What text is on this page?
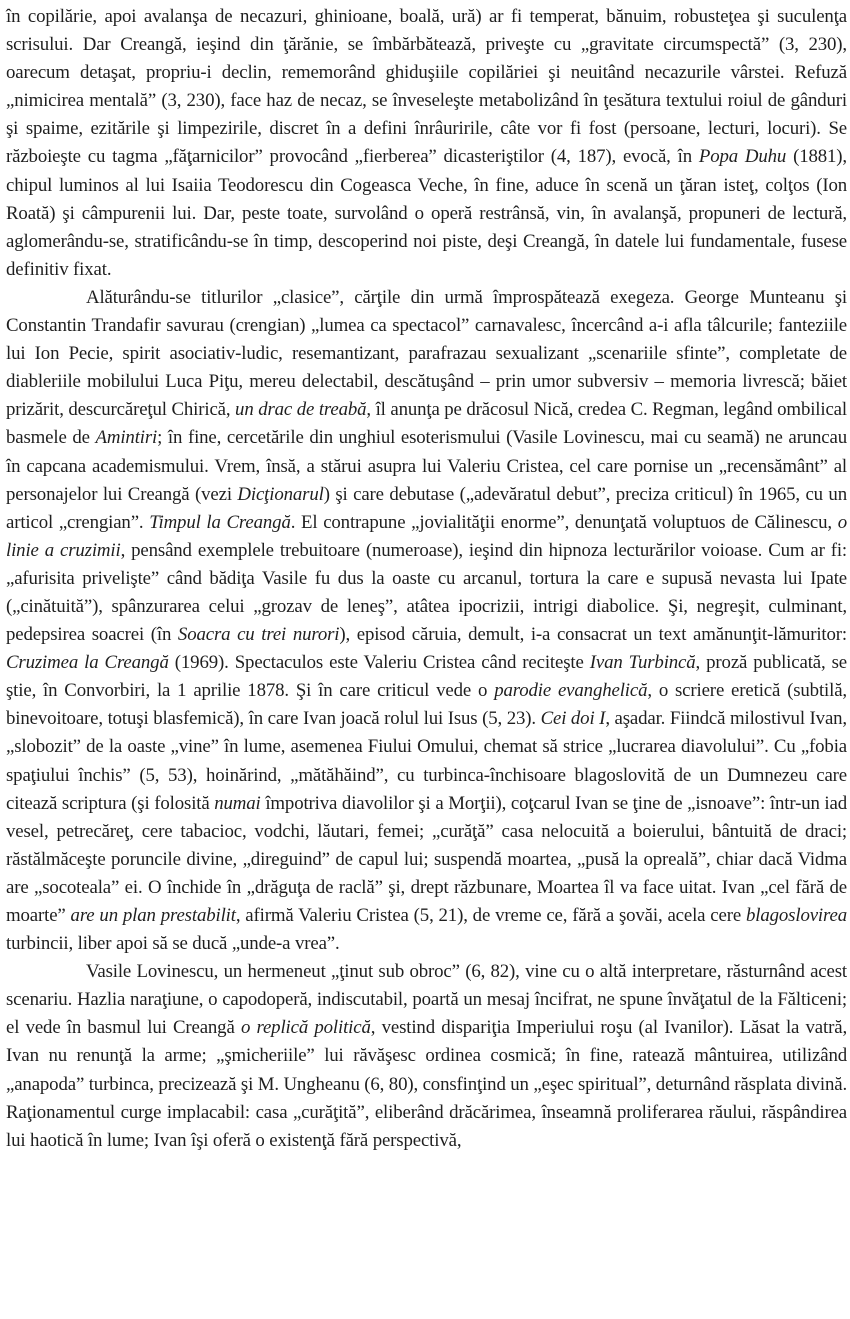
în copilărie, apoi avalanşa de necazuri, ghinioane, boală, ură) ar fi temperat, bănuim, robusteţea şi suculenţa scrisului. Dar Creangă, ieşind din ţărănie, se îmbărbătează, priveşte cu „gravitate circumspectă” (3, 230), oarecum detaşat, propriu-i declin, rememorând ghiduşiile copilăriei şi neuitând necazurile vârstei. Refuză „nimicirea mentală” (3, 230), face haz de necaz, se înveseleşte metabolizând în ţesătura textului roiul de gânduri şi spaime, ezitările şi limpezirile, discret în a defini înrâuririle, câte vor fi fost (persoane, lecturi, locuri). Se războieşte cu tagma „făţarnicilor” provocând „fierberea” dicasteriştilor (4, 187), evocă, în Popa Duhu (1881), chipul luminos al lui Isaiia Teodorescu din Cogeasca Veche, în fine, aduce în scenă un ţăran isteţ, colţos (Ion Roată) şi câmpurenii lui. Dar, peste toate, survolând o operă restrânsă, vin, în avalanşă, propuneri de lectură, aglomerându-se, stratificându-se în timp, descoperind noi piste, deşi Creangă, în datele lui fundamentale, fusese definitiv fixat.

Alăturându-se titlurilor „clasice”, cărţile din urmă împrospătează exegeza. George Munteanu şi Constantin Trandafir savurau (crengian) „lumea ca spectacol” carnavalesc, încercând a-i afla tâlcurile; fanteziile lui Ion Pecie, spirit asociativ-ludic, resemantizant, parafrazau sexualizant „scenariile sfinte”, completate de diableriile mobilului Luca Piţu, mereu delectabil, descătuşând – prin umor subversiv – memoria livrescă; băiet prizărit, descurcăreţul Chirică, un drac de treabă, îl anunţa pe drăcosul Nică, credea C. Regman, legând ombilical basmele de Amintiri; în fine, cercetările din unghiul esoterismului (Vasile Lovinescu, mai cu seamă) ne aruncau în capcana academismului. Vrem, însă, a stărui asupra lui Valeriu Cristea, cel care pornise un „recensământ” al personajelor lui Creangă (vezi Dicţionarul) şi care debutase („adevăratul debut”, preciza criticul) în 1965, cu un articol „crengian”. Timpul la Creangă. El contrapune „jovialităţii enorme”, denunţată voluptuos de Călinescu, o linie a cruzimii, pensând exemplele trebuitoare (numeroase), ieşind din hipnoza lecturărilor voioase. Cum ar fi: „afurisita privelişte” când bădiţa Vasile fu dus la oaste cu arcanul, tortura la care e supusă nevasta lui Ipate („cinătuită”), spânzurarea celui „grozav de leneş”, atâtea ipocrizii, intrigi diabolice. Şi, negreşit, culminant, pedepsirea soacrei (în Soacra cu trei nurori), episod căruia, demult, i-a consacrat un text amănunţit-lămuritor: Cruzimea la Creangă (1969). Spectaculos este Valeriu Cristea când reciteşte Ivan Turbincă, proză publicată, se ştie, în Convorbiri, la 1 aprilie 1878. Şi în care criticul vede o parodie evanghelică, o scriere eretică (subtilă, binevoitoare, totuşi blasfemică), în care Ivan joacă rolul lui Isus (5, 23). Cei doi I, aşadar. Fiindcă milostivul Ivan, „slobozit” de la oaste „vine” în lume, asemenea Fiului Omului, chemat să strice „lucrarea diavolului”. Cu „fobia spaţiului închis” (5, 53), hoinărind, „mătăhăind”, cu turbinca-închisoare blagoslovită de un Dumnezeu care citează scriptura (şi folosită numai împotriva diavolilor şi a Morţii), coţcarul Ivan se ţine de „isnoave”: într-un iad vesel, petrecăreţ, cere tabacioc, vodchi, lăutari, femei; „curăţă” casa nelocuită a boierului, bântuită de draci; răstălmăceşte poruncile divine, „direguind” de capul lui; suspendă moartea, „pusă la opreală”, chiar dacă Vidma are „socoteala” ei. O închide în „drăguţa de raclă” şi, drept răzbunare, Moartea îl va face uitat. Ivan „cel fără de moarte” are un plan prestabilit, afirmă Valeriu Cristea (5, 21), de vreme ce, fără a şovăi, acela cere blagoslovirea turbincii, liber apoi să se ducă „unde-a vrea”.

Vasile Lovinescu, un hermeneut „ţinut sub obroc” (6, 82), vine cu o altă interpretare, răsturnând acest scenariu. Hazlia naraţiune, o capodoperă, indiscutabil, poartă un mesaj încifrat, ne spune învăţatul de la Fălticeni; el vede în basmul lui Creangă o replică politică, vestind dispariţia Imperiului roşu (al Ivanilor). Lăsat la vatră, Ivan nu renunţă la arme; „şmicheriile” lui răvăşesc ordinea cosmică; în fine, ratează mântuirea, utilizând „anapoda” turbinca, precizează şi M. Ungheanu (6, 80), consfinţind un „eşec spiritual”, deturnând răsplata divină. Raţionamentul curge implacabil: casa „curăţită”, eliberând drăcărimea, înseamnă proliferarea răului, răspândirea lui haotică în lume; Ivan îşi oferă o existenţă fără perspectivă,
